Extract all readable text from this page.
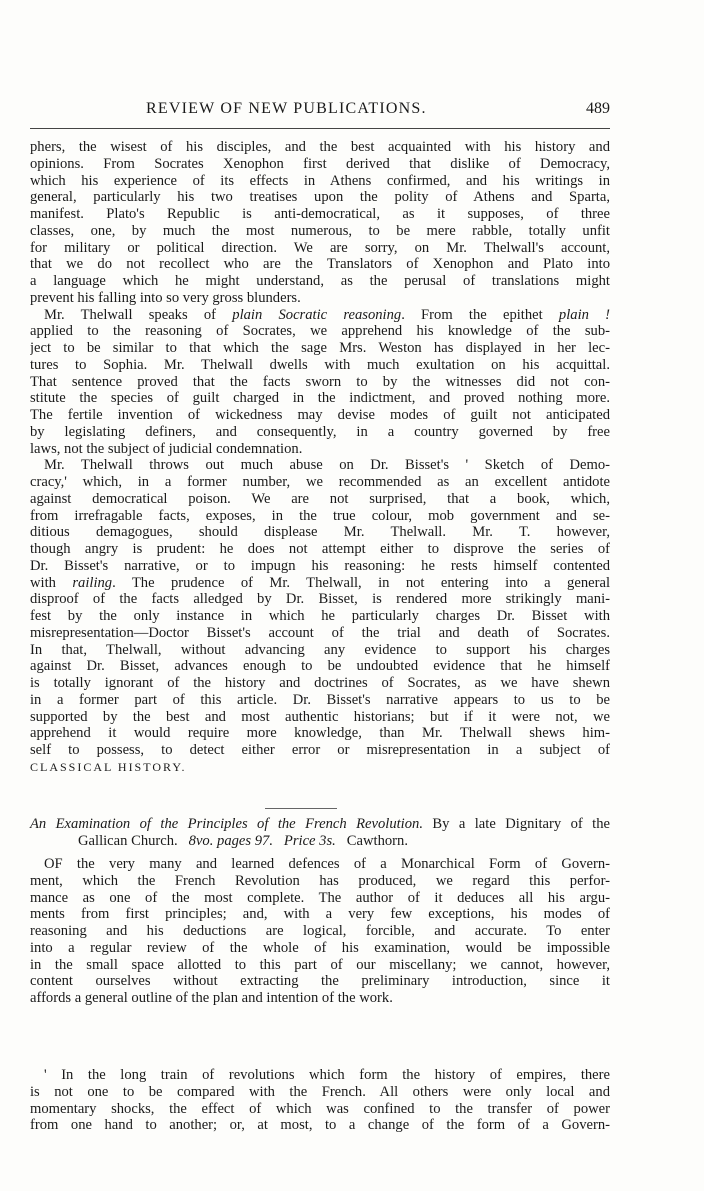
REVIEW OF NEW PUBLICATIONS.	489
phers, the wisest of his disciples, and the best acquainted with his history and
opinions. From Socrates Xenophon first derived that dislike of Democracy,
which his experience of its effects in Athens confirmed, and his writings in
general, particularly his two treatises upon the polity of Athens and Sparta,
manifest. Plato's Republic is anti-democratical, as it supposes, of three
classes, one, by much the most numerous, to be mere rabble, totally unfit
for military or political direction. We are sorry, on Mr. Thelwall's account,
that we do not recollect who are the Translators of Xenophon and Plato into
a language which he might understand, as the perusal of translations might
prevent his falling into so very gross blunders.
Mr. Thelwall speaks of plain Socratic reasoning. From the epithet plain !
applied to the reasoning of Socrates, we apprehend his knowledge of the sub-
ject to be similar to that which the sage Mrs. Weston has displayed in her lec-
tures to Sophia. Mr. Thelwall dwells with much exultation on his acquittal.
That sentence proved that the facts sworn to by the witnesses did not con-
stitute the species of guilt charged in the indictment, and proved nothing more.
The fertile invention of wickedness may devise modes of guilt not anticipated
by legislating definers, and consequently, in a country governed by free
laws, not the subject of judicial condemnation.
Mr. Thelwall throws out much abuse on Dr. Bisset's ' Sketch of Demo-
cracy,' which, in a former number, we recommended as an excellent antidote
against democratical poison. We are not surprised, that a book, which,
from irrefragable facts, exposes, in the true colour, mob government and se-
ditious demagogues, should displease Mr. Thelwall. Mr. T. however,
though angry is prudent: he does not attempt either to disprove the series of
Dr. Bisset's narrative, or to impugn his reasoning: he rests himself contented
with railing. The prudence of Mr. Thelwall, in not entering into a general
disproof of the facts alledged by Dr. Bisset, is rendered more strikingly mani-
fest by the only instance in which he particularly charges Dr. Bisset with
misrepresentation—Doctor Bisset's account of the trial and death of Socrates.
In that, Thelwall, without advancing any evidence to support his charges
against Dr. Bisset, advances enough to be undoubted evidence that he himself
is totally ignorant of the history and doctrines of Socrates, as we have shewn
in a former part of this article. Dr. Bisset's narrative appears to us to be
supported by the best and most authentic historians; but if it were not, we
apprehend it would require more knowledge, than Mr. Thelwall shews him-
self to possess, to detect either error or misrepresentation in a subject of
CLASSICAL HISTORY.
An Examination of the Principles of the French Revolution. By a late Dignitary of the
Gallican Church. 8vo. pages 97. Price 3s. Cawthorn.
OF the very many and learned defences of a Monarchical Form of Govern-
ment, which the French Revolution has produced, we regard this perfor-
mance as one of the most complete. The author of it deduces all his argu-
ments from first principles; and, with a very few exceptions, his modes of
reasoning and his deductions are logical, forcible, and accurate. To enter
into a regular review of the whole of his examination, would be impossible
in the small space allotted to this part of our miscellany; we cannot, however,
content ourselves without extracting the preliminary introduction, since it
affords a general outline of the plan and intention of the work.
' In the long train of revolutions which form the history of empires, there
is not one to be compared with the French. All others were only local and
momentary shocks, the effect of which was confined to the transfer of power
from one hand to another; or, at most, to a change of the form of a Govern-
